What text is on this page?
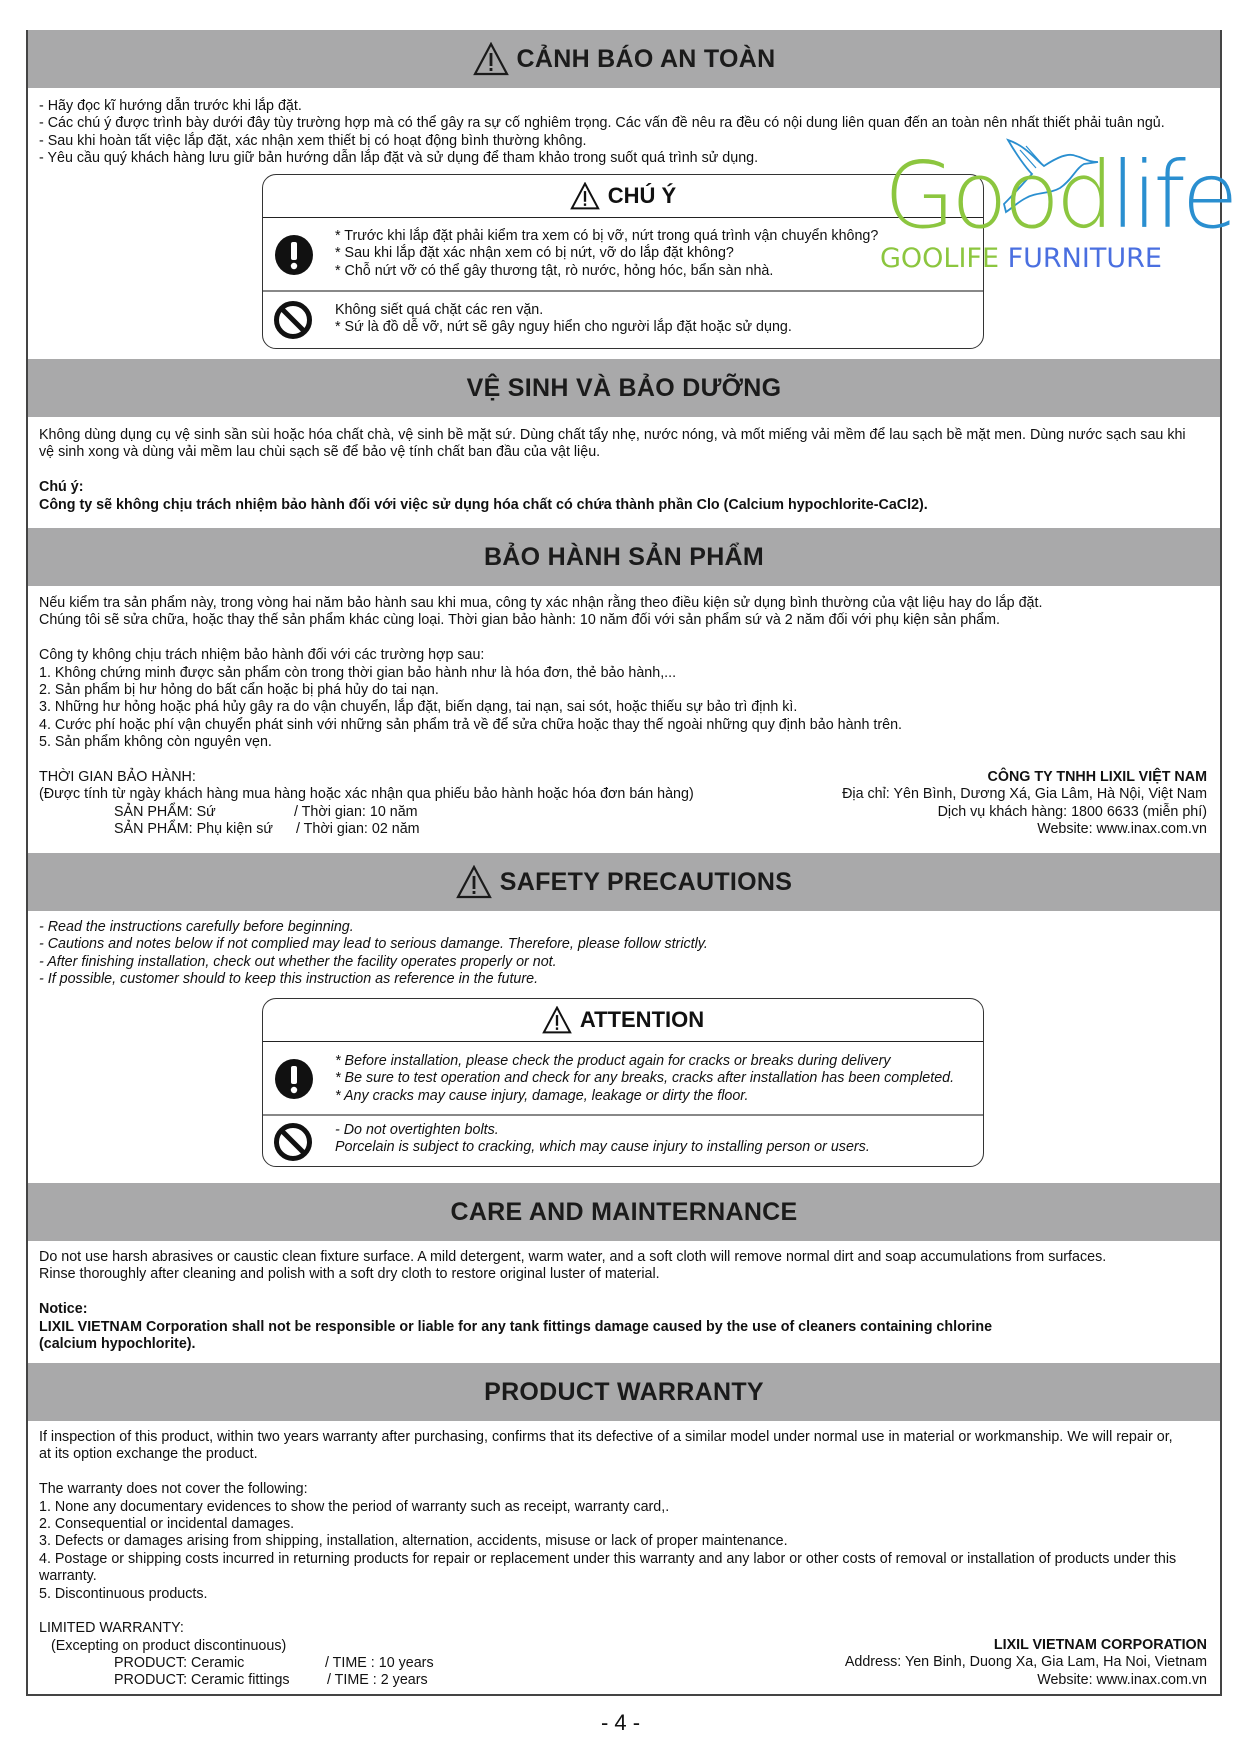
CẢNH BÁO AN TOÀN
- Hãy đọc kĩ hướng dẫn trước khi lắp đặt.
- Các chú ý được trình bày dưới đây tùy trường hợp mà có thể gây ra sự cố nghiêm trọng. Các vấn đề nêu ra đều có nội dung liên quan đến an toàn nên nhất thiết phải tuân ngủ.
- Sau khi hoàn tất việc lắp đặt, xác nhận xem thiết bị có hoạt động bình thường không.
- Yêu cầu quý khách hàng lưu giữ bản hướng dẫn lắp đặt và sử dụng để tham khảo trong suốt quá trình sử dụng.
CHÚ Ý
* Trước khi lắp đặt phải kiểm tra xem có bị vỡ, nứt trong quá trình vận chuyển không?
* Sau khi lắp đặt xác nhận xem có bị nứt, vỡ do lắp đặt không?
* Chỗ nứt vỡ có thể gây thương tật, rò nước, hỏng hóc, bẩn sàn nhà.
Không siết quá chặt các ren vặn.
* Sứ là đồ dễ vỡ, nứt sẽ gây nguy hiển cho người lắp đặt hoặc sử dụng.
Goodlife
GOOLIFE FURNITURE
VỆ SINH VÀ BẢO DƯỠNG
Không dùng dụng cụ vệ sinh sần sùi hoặc hóa chất chà, vệ sinh bề mặt sứ. Dùng chất tẩy nhẹ, nước nóng, và mốt miếng vải mềm để lau sạch bề mặt men. Dùng nước sạch sau khi
vệ sinh xong và dùng vải mềm lau chùi sạch sẽ để bảo vệ tính chất ban đầu của vật liệu.
Chú ý:
Công ty sẽ không chịu trách nhiệm bảo hành đối với việc sử dụng hóa chất có chứa thành phần Clo (Calcium hypochlorite-CaCl2).
BẢO HÀNH SẢN PHẨM
Nếu kiểm tra sản phẩm này, trong vòng hai năm bảo hành sau khi mua, công ty xác nhận rằng theo điều kiện sử dụng bình thường của vật liệu hay do lắp đặt.
Chúng tôi sẽ sửa chữa, hoặc thay thế sản phẩm khác cùng loại. Thời gian bảo hành: 10 năm đối với sản phẩm sứ và 2 năm đối với phụ kiện sản phẩm.
Công ty không chịu trách nhiệm bảo hành đối với các trường hợp sau:
1. Không chứng minh được sản phẩm còn trong thời gian bảo hành như là hóa đơn, thẻ bảo hành,...
2. Sản phẩm bị hư hỏng do bất cẩn hoặc bị phá hủy do tai nạn.
3. Những hư hỏng hoặc phá hủy gây ra do vận chuyển, lắp đặt, biến dạng, tai nạn, sai sót, hoặc thiếu sự bảo trì định kì.
4. Cước phí hoặc phí vận chuyển phát sinh với những sản phẩm trả về để sửa chữa hoặc thay thế ngoài những quy định bảo hành trên.
5. Sản phẩm không còn nguyên vẹn.
THỜI GIAN BẢO HÀNH:
(Được tính từ ngày khách hàng mua hàng hoặc xác nhận qua phiếu bảo hành hoặc hóa đơn bán hàng)
SẢN PHẨM: Sứ	/ Thời gian: 10 năm
SẢN PHẨM: Phụ kiện sứ / Thời gian: 02 năm
CÔNG TY TNHH LIXIL VIỆT NAM
Địa chỉ: Yên Bình, Dương Xá, Gia Lâm, Hà Nội, Việt Nam
Dịch vụ khách hàng: 1800 6633 (miễn phí)
Website: www.inax.com.vn
SAFETY PRECAUTIONS
- Read the instructions carefully before beginning.
- Cautions and notes below if not complied may lead to serious damange. Therefore, please follow strictly.
- After finishing installation, check out whether the facility operates properly or not.
- If possible, customer should to keep this instruction as reference in the future.
ATTENTION
* Before installation, please check the product again for cracks or breaks during delivery
* Be sure to test operation and check for any breaks, cracks after installation has been completed.
* Any cracks may cause injury, damage, leakage or dirty the floor.
- Do not overtighten bolts.
Porcelain is subject to cracking, which may cause injury to installing person or users.
CARE AND MAINTERNANCE
Do not use harsh abrasives or caustic clean fixture surface. A mild detergent, warm water, and a soft cloth will remove normal dirt and soap accumulations from surfaces.
Rinse thoroughly after cleaning and polish with a soft dry cloth to restore original luster of material.
Notice:
LIXIL VIETNAM Corporation shall not be responsible or liable for any tank fittings damage caused by the use of cleaners containing chlorine
(calcium hypochlorite).
PRODUCT WARRANTY
If inspection of this product, within two years warranty after purchasing, confirms that its defective of a similar model under normal use in material or workmanship. We will repair or,
at its option exchange the product.
The warranty does not cover the following:
1. None any documentary evidences to show the period of warranty such as receipt, warranty card,.
2. Consequential or incidental damages.
3. Defects or damages arising from shipping, installation, alternation, accidents, misuse or lack of proper maintenance.
4. Postage or shipping costs incurred in returning products for repair or replacement under this warranty and any labor or other costs of removal or installation of products under this
warranty.
5. Discontinuous products.
LIMITED WARRANTY:
(Excepting on product discontinuous)
PRODUCT: Ceramic	/ TIME : 10 years
PRODUCT: Ceramic fittings	/ TIME : 2 years
LIXIL VIETNAM CORPORATION
Address: Yen Binh, Duong Xa, Gia Lam, Ha Noi, Vietnam
Website: www.inax.com.vn
- 4 -
